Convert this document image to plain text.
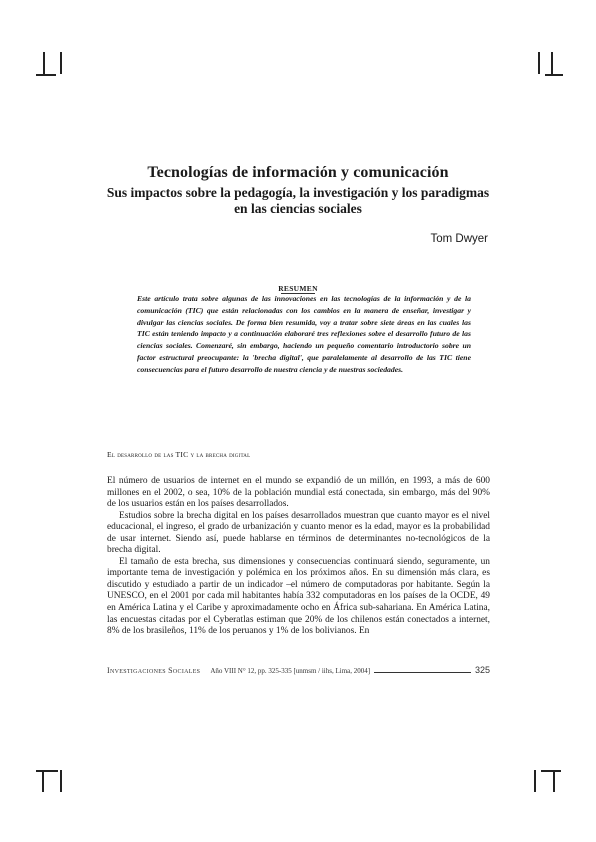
Tecnologías de información y comunicación
Sus impactos sobre la pedagogía, la investigación y los paradigmas en las ciencias sociales
Tom Dwyer
RESUMEN
Este artículo trata sobre algunas de las innovaciones en las tecnologías de la información y de la comunicación (TIC) que están relacionadas con los cambios en la manera de enseñar, investigar y divulgar las ciencias sociales. De forma bien resumida, voy a tratar sobre siete áreas en las cuales las TIC están teniendo impacto y a continuación elaboraré tres reflexiones sobre el desarrollo futuro de las ciencias sociales. Comenzaré, sin embargo, haciendo un pequeño comentario introductorio sobre un factor estructural preocupante: la 'brecha digital', que paralelamente al desarrollo de las TIC tiene consecuencias para el futuro desarrollo de nuestra ciencia y de nuestras sociedades.
El desarrollo de las TIC y la brecha digital

El número de usuarios de internet en el mundo se expandió de un millón, en 1993, a más de 600 millones en el 2002, o sea, 10% de la población mundial está conectada, sin embargo, más del 90% de los usuarios están en los países desarrollados.

Estudios sobre la brecha digital en los países desarrollados muestran que cuanto mayor es el nivel educacional, el ingreso, el grado de urbanización y cuanto menor es la edad, mayor es la probabilidad de usar internet. Siendo así, puede hablarse en términos de determinantes no-tecnológicos de la brecha digital.

El tamaño de esta brecha, sus dimensiones y consecuencias continuará siendo, seguramente, un importante tema de investigación y polémica en los próximos años. En su dimensión más clara, es discutido y estudiado a partir de un indicador –el número de computadoras por habitante. Según la UNESCO, en el 2001 por cada mil habitantes había 332 computadoras en los países de la OCDE, 49 en América Latina y el Caribe y aproximadamente ocho en África sub-sahariana. En América Latina, las encuestas citadas por el Cyberatlas estiman que 20% de los chilenos están conectados a internet, 8% de los brasileños, 11% de los peruanos y 1% de los bolivianos. En

Investigaciones Sociales Año VIII N° 12, pp. 325-335 [unmsm / iihs, Lima, 2004]	325
